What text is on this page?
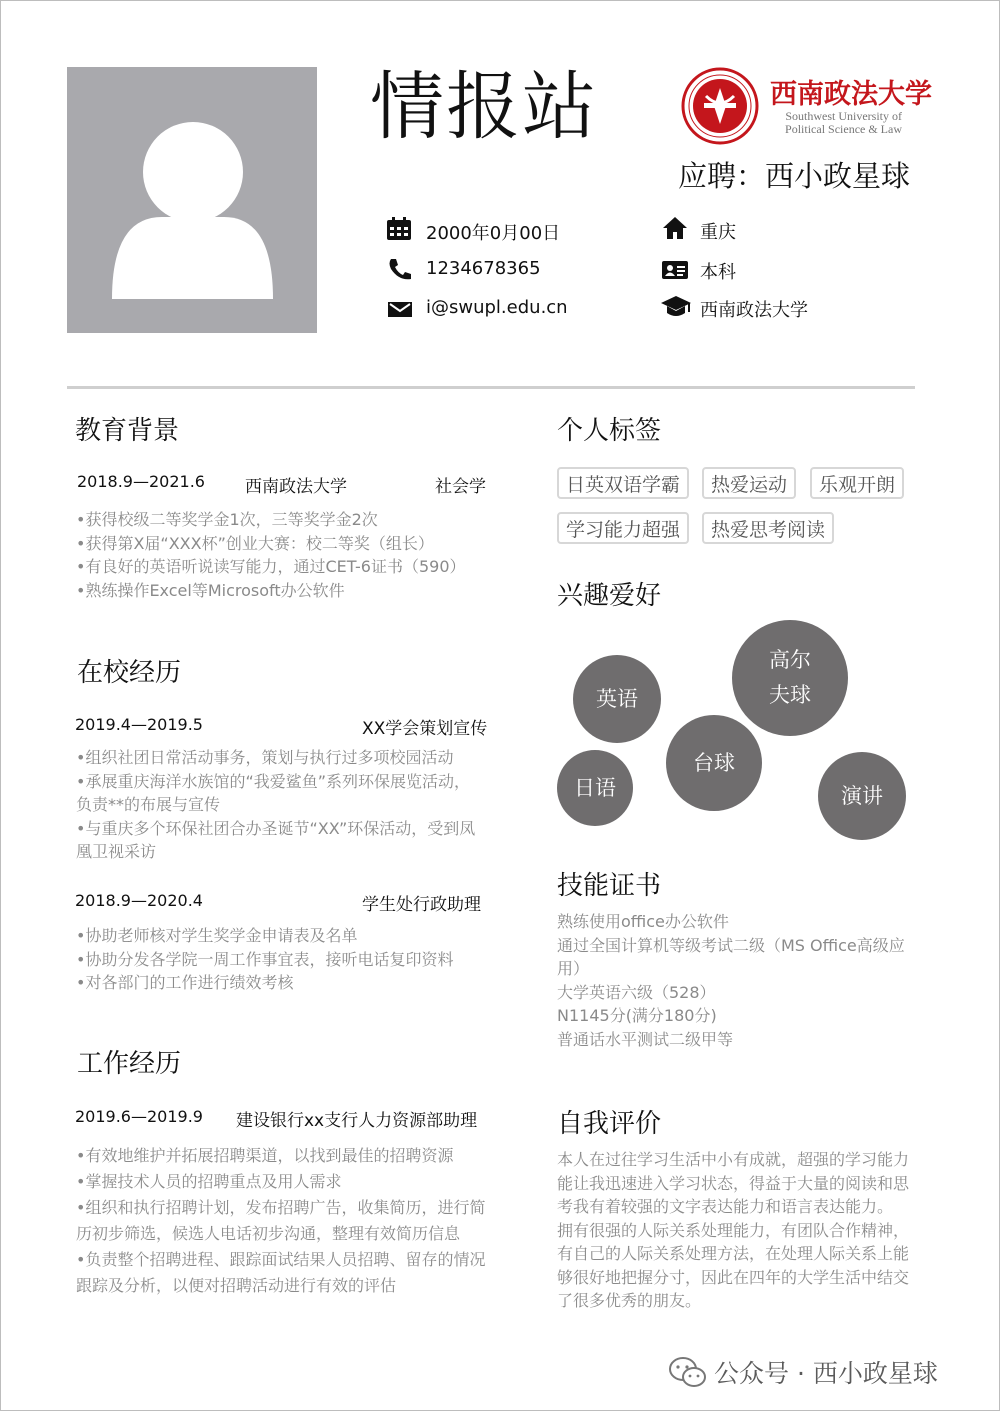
情报站	西南政法大学
Southwest University of
Political Science & Law
应聘：西小政星球
2000年0月00日
1234678365
i@swupl.edu.cn
重庆
本科
西南政法大学
教育背景
2018.9—2021.6 西南政法大学	社会学
• 获得校级二等奖学金1次，三等奖学金2次
• 获得第X届“XXX杯”创业大赛：校二等奖（组长）
• 有良好的英语听说读写能力，通过CET-6证书（590）
• 熟练操作Excel等Microsoft办公软件
在校经历
2019.4—2019.5	XX学会策划宣传
• 组织社团日常活动事务，策划与执行过多项校园活动
• 承展重庆海洋水族馆的“我爱鲨鱼”系列环保展览活动，负责**的布展与宣传
• 与重庆多个环保社团合办圣诞节“XX”环保活动，受到凤凰卫视采访
2018.9—2020.4	学生处行政助理
• 协助老师核对学生奖学金申请表及名单
• 协助分发各学院一周工作事宜表，接听电话复印资料
• 对各部门的工作进行绩效考核
工作经历
2019.6—2019.9 建设银行xx支行人力资源部助理
• 有效地维护并拓展招聘渠道，以找到最佳的招聘资源
• 掌握技术人员的招聘重点及用人需求
• 组织和执行招聘计划，发布招聘广告，收集简历，进行简历初步筛选，候选人电话初步沟通，整理有效简历信息
• 负责整个招聘进程、跟踪面试结果人员招聘、留存的情况跟踪及分析，以便对招聘活动进行有效的评估
个人标签
日英双语学霸	热爱运动	乐观开朗
学习能力超强	热爱思考阅读
兴趣爱好
英语
高尔
夫球
台球
日语	演讲
技能证书
熟练使用office办公软件
通过全国计算机等级考试二级（MS Office高级应用）
大学英语六级（528）
N1145分(满分180分)
普通话水平测试二级甲等
自我评价

本人在过往学习生活中小有成就，超强的学习能力能让我迅速进入学习状态，得益于大量的阅读和思考我有着较强的文字表达能力和语言表达能力。

拥有很强的人际关系处理能力，有团队合作精神，有自己的人际关系处理方法，在处理人际关系上能够很好地把握分寸，因此在四年的大学生活中结交了很多优秀的朋友。

公众号 · 西小政星球
